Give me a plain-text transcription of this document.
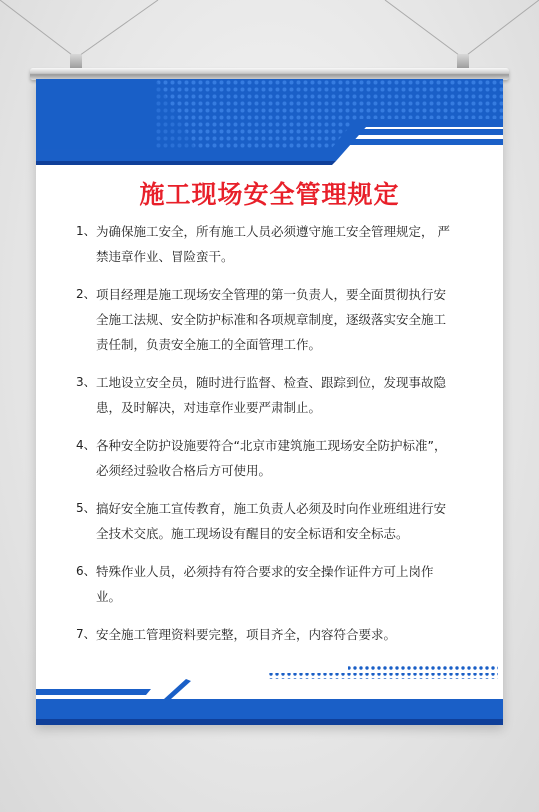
施工现场安全管理规定
1、 为确保施工安全，所有施工人员必须遵守施工安全管理规定， 严禁违章作业、冒险蛮干。
2、 项目经理是施工现场安全管理的第一负责人，要全面贯彻执行安全施工法规、安全防护标准和各项规章制度，逐级落实安全施工责任制，负责安全施工的全面管理工作。
3、 工地设立安全员，随时进行监督、检查、跟踪到位，发现事故隐患，及时解决，对违章作业要严肃制止。
4、 各种安全防护设施要符合“北京市建筑施工现场安全防护标准”，必须经过验收合格后方可使用。
5、 搞好安全施工宣传教育，施工负责人必须及时向作业班组进行安全技术交底。施工现场设有醒目的安全标语和安全标志。
6、 特殊作业人员，必须持有符合要求的安全操作证件方可上岗作业。
7、 安全施工管理资料要完整，项目齐全，内容符合要求。
